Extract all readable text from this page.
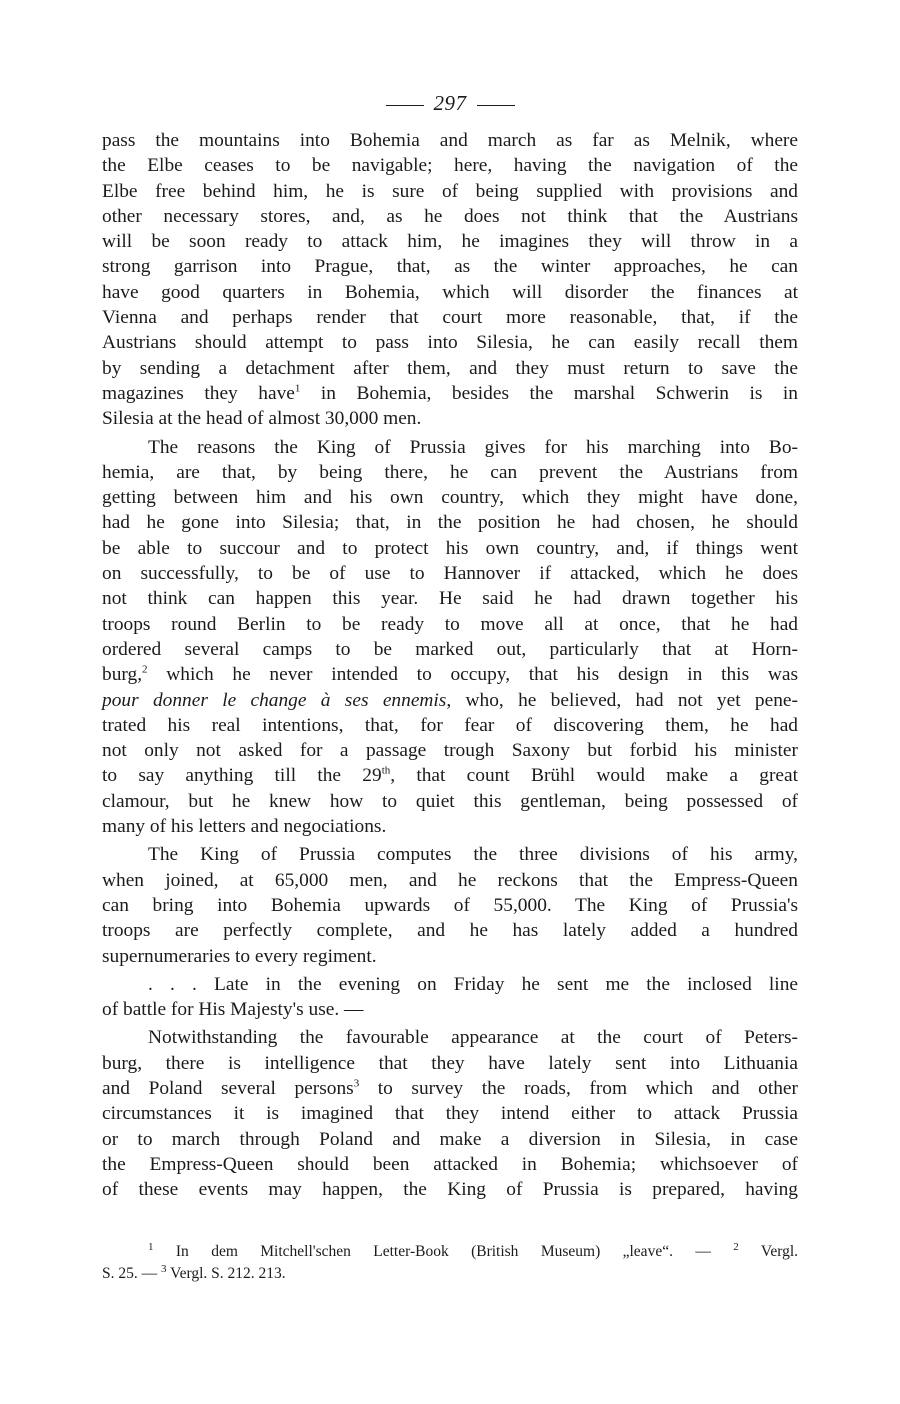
297

pass the mountains into Bohemia and march as far as Melnik, where
the Elbe ceases to be navigable; here, having the navigation of the
Elbe free behind him, he is sure of being supplied with provisions and
other necessary stores, and, as he does not think that the Austrians
will be soon ready to attack him, he imagines they will throw in a
strong garrison into Prague, that, as the winter approaches, he can
have good quarters in Bohemia, which will disorder the finances at
Vienna and perhaps render that court more reasonable, that, if the
Austrians should attempt to pass into Silesia, he can easily recall them
by sending a detachment after them, and they must return to save the
magazines they have$^1$ in Bohemia, besides the marshal Schwerin is in
Silesia at the head of almost 30,000 men.

The reasons the King of Prussia gives for his marching into Bo-
hemia, are that, by being there, he can prevent the Austrians from
getting between him and his own country, which they might have done,
had he gone into Silesia; that, in the position he had chosen, he should
be able to succour and to protect his own country, and, if things went
on successfully, to be of use to Hannover if attacked, which he does
not think can happen this year. He said he had drawn together his
troops round Berlin to be ready to move all at once, that he had
ordered several camps to be marked out, particularly that at Horn-
burg,$^2$ which he never intended to occupy, that his design in this was
pour donner le change à ses ennemis, who, he believed, had not yet pene-
trated his real intentions, that, for fear of discovering them, he had
not only not asked for a passage trough Saxony but forbid his minister
to say anything till the 29th, that count Brühl would make a great
clamour, but he knew how to quiet this gentleman, being possessed of
many of his letters and negociations.

The King of Prussia computes the three divisions of his army,
when joined, at 65,000 men, and he reckons that the Empress-Queen
can bring into Bohemia upwards of 55,000. The King of Prussia's
troops are perfectly complete, and he has lately added a hundred
supernumeraries to every regiment.

. . . Late in the evening on Friday he sent me the inclosed line
of battle for His Majesty's use. —

Notwithstanding the favourable appearance at the court of Peters-
burg, there is intelligence that they have lately sent into Lithuania
and Poland several persons$^3$ to survey the roads, from which and other
circumstances it is imagined that they intend either to attack Prussia
or to march through Poland and make a diversion in Silesia, in case
the Empress-Queen should been attacked in Bohemia; whichsoever of
of these events may happen, the King of Prussia is prepared, having

$^1$ In dem Mitchell'schen Letter-Book (British Museum) „leave“. — $^2$ Vergl.
S. 25. — $^3$ Vergl. S. 212. 213.
